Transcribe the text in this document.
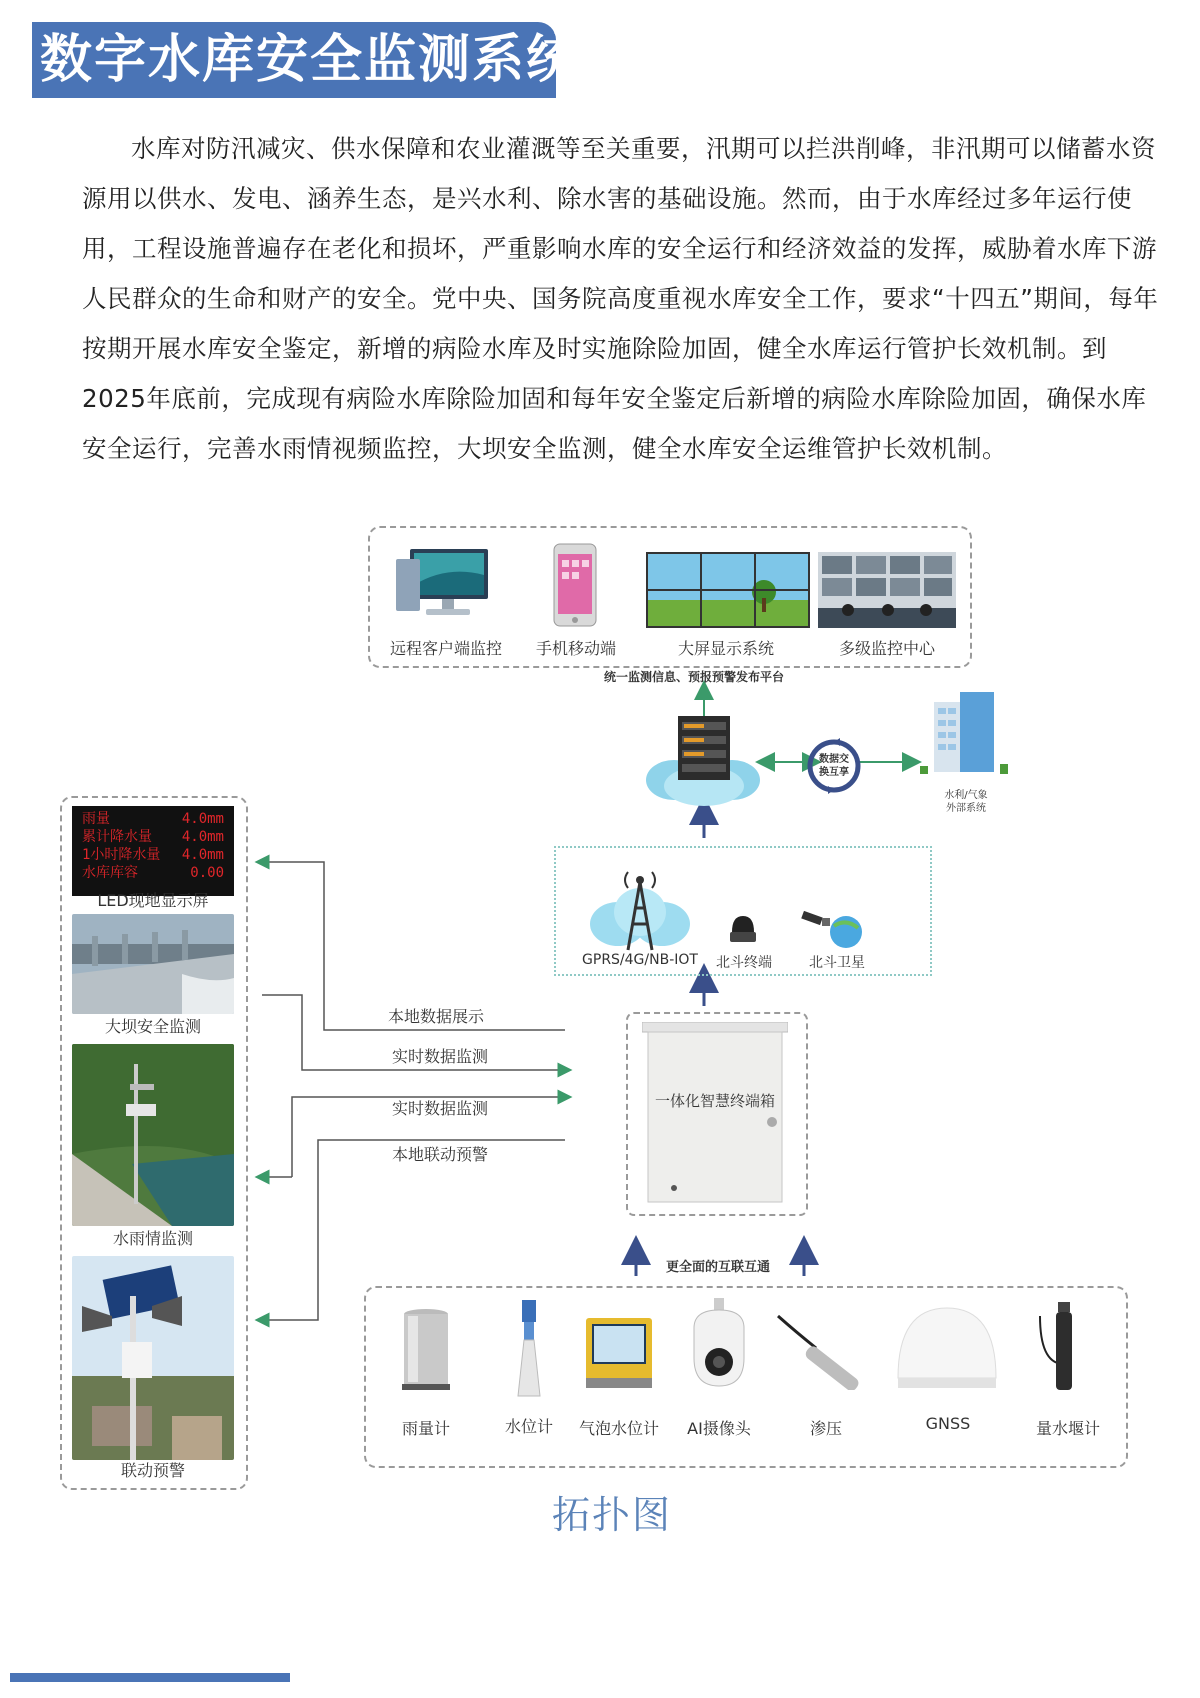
数字水库安全监测系统
水库对防汛减灾、供水保障和农业灌溉等至关重要，汛期可以拦洪削峰，非汛期可以储蓄水资源用以供水、发电、涵养生态，是兴水利、除水害的基础设施。然而，由于水库经过多年运行使用，工程设施普遍存在老化和损坏，严重影响水库的安全运行和经济效益的发挥，威胁着水库下游人民群众的生命和财产的安全。党中央、国务院高度重视水库安全工作，要求“十四五”期间，每年按期开展水库安全鉴定，新增的病险水库及时实施除险加固，健全水库运行管护长效机制。到2025年底前，完成现有病险水库除险加固和每年安全鉴定后新增的病险水库除险加固，确保水库安全运行，完善水雨情视频监控，大坝安全监测，健全水库安全运维管护长效机制。
远程客户端监控	手机移动端	大屏显示系统	多级监控中心
统一监测信息、预报预警发布平台
数据交
换互享
水利/气象
外部系统
GPRS/4G/NB-IOT	北斗终端	北斗卫星
一体化智慧终端箱
更全面的互联互通
雨量计	水位计	气泡水位计	AI摄像头	渗压	GNSS	量水堰计
雨量	4.0mm
累计降水量 4.0mm
1小时降水量 4.0mm
水库库容	0.00
LED现地显示屏
大坝安全监测
水雨情监测
联动预警
本地数据展示
实时数据监测
实时数据监测
本地联动预警
拓扑图
